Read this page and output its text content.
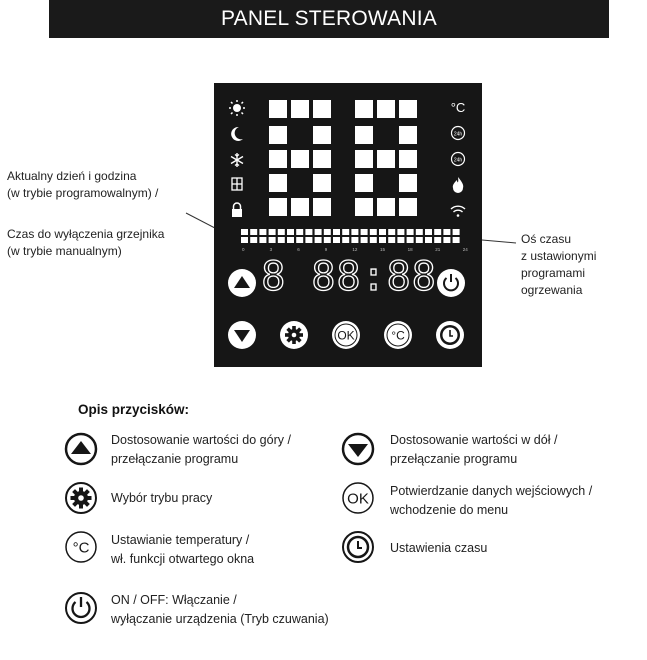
PANEL STEROWANIA
Aktualny dzień i godzina
(w trybie programowalnym) /
Czas do wyłączenia grzejnika
(w trybie manualnym)
Oś czasu
z ustawionymi
programami
ogrzewania
°C
24h
24h
0	3	6	9	12	15	18	21	24
8 88:88
OK	°C
Opis przycisków:
OK
°C
Dostosowanie wartości do góry /
przełączanie programu
Dostosowanie wartości w dół /
przełączanie programu
Wybór trybu pracy	Potwierdzanie danych wejściowych /
wchodzenie do menu
Ustawianie temperatury /
wł. funkcji otwartego okna
Ustawienia czasu
ON / OFF: Włączanie /
wyłączanie urządzenia (Tryb czuwania)
